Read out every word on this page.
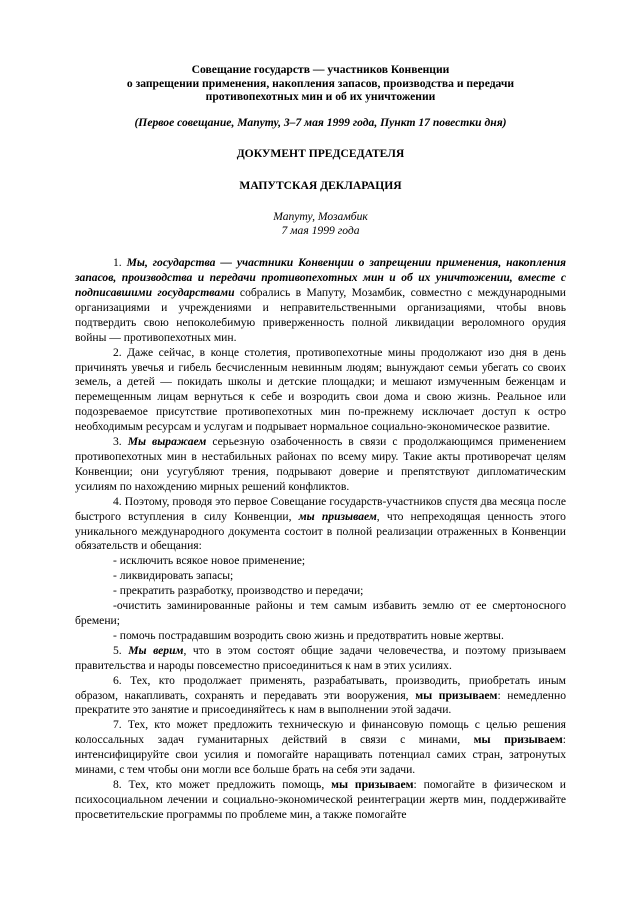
Совещание государств — участников Конвенции
о запрещении применения, накопления запасов, производства и передачи
противопехотных мин и об их уничтожении
(Первое совещание, Мапуту, 3–7 мая 1999 года, Пункт 17 повестки дня)
ДОКУМЕНТ ПРЕДСЕДАТЕЛЯ
МАПУТСКАЯ ДЕКЛАРАЦИЯ
Мапуту, Мозамбик
7 мая 1999 года
1. Мы, государства — участники Конвенции о запрещении применения, накопления запасов, производства и передачи противопехотных мин и об их уничтожении, вместе с подписавшими государствами собрались в Мапуту, Мозамбик, совместно с международными организациями и учреждениями и неправительственными организациями, чтобы вновь подтвердить свою непоколебимую приверженность полной ликвидации вероломного орудия войны — противопехотных мин.
2. Даже сейчас, в конце столетия, противопехотные мины продолжают изо дня в день причинять увечья и гибель бесчисленным невинным людям; вынуждают семьи убегать со своих земель, а детей — покидать школы и детские площадки; и мешают измученным беженцам и перемещенным лицам вернуться к себе и возродить свои дома и свою жизнь. Реальное или подозреваемое присутствие противопехотных мин по-прежнему исключает доступ к остро необходимым ресурсам и услугам и подрывает нормальное социально-экономическое развитие.
3. Мы выражаем серьезную озабоченность в связи с продолжающимся применением противопехотных мин в нестабильных районах по всему миру. Такие акты противоречат целям Конвенции; они усугубляют трения, подрывают доверие и препятствуют дипломатическим усилиям по нахождению мирных решений конфликтов.
4. Поэтому, проводя это первое Совещание государств-участников спустя два месяца после быстрого вступления в силу Конвенции, мы призываем, что непреходящая ценность этого уникального международного документа состоит в полной реализации отраженных в Конвенции обязательств и обещания:
- исключить всякое новое применение;
- ликвидировать запасы;
- прекратить разработку, производство и передачи;
-очистить заминированные районы и тем самым избавить землю от ее смертоносного бремени;
- помочь пострадавшим возродить свою жизнь и предотвратить новые жертвы.
5. Мы верим, что в этом состоят общие задачи человечества, и поэтому призываем правительства и народы повсеместно присоединиться к нам в этих усилиях.
6. Тех, кто продолжает применять, разрабатывать, производить, приобретать иным образом, накапливать, сохранять и передавать эти вооружения, мы призываем: немедленно прекратите это занятие и присоединяйтесь к нам в выполнении этой задачи.
7. Тех, кто может предложить техническую и финансовую помощь с целью решения колоссальных задач гуманитарных действий в связи с минами, мы призываем: интенсифицируйте свои усилия и помогайте наращивать потенциал самих стран, затронутых минами, с тем чтобы они могли все больше брать на себя эти задачи.
8. Тех, кто может предложить помощь, мы призываем: помогайте в физическом и психосоциальном лечении и социально-экономической реинтеграции жертв мин, поддерживайте просветительские программы по проблеме мин, а также помогайте
